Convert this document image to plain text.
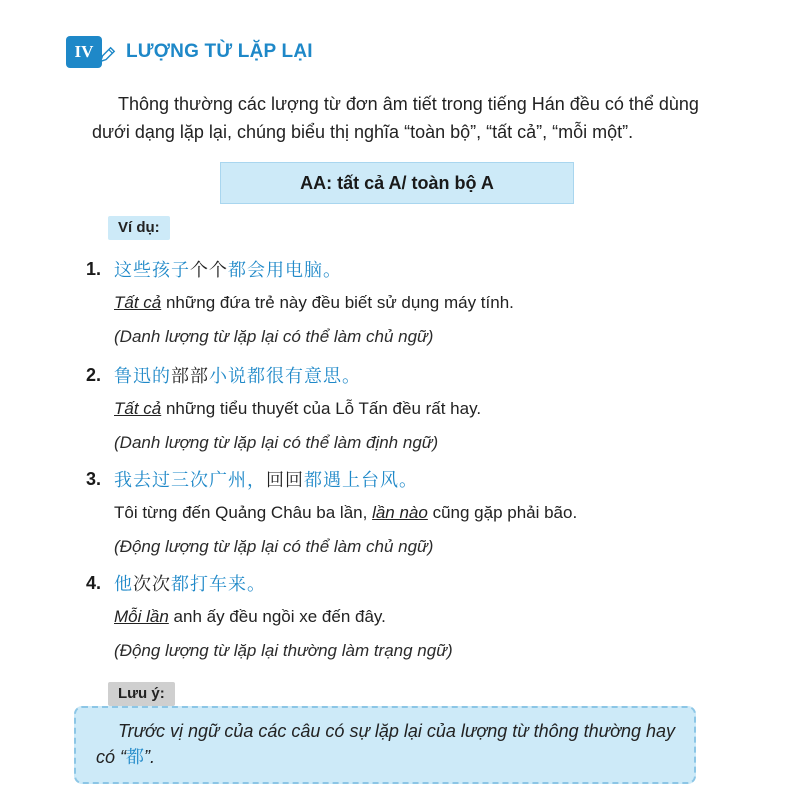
IV LƯỢNG TỪ LẶP LẠI
Thông thường các lượng từ đơn âm tiết trong tiếng Hán đều có thể dùng
dưới dạng lặp lại, chúng biểu thị nghĩa “toàn bộ”, “tất cả”, “mỗi một”.
AA: tất cả A/ toàn bộ A
Ví dụ:
1. 这些孩子个个都会用电脑。
Tất cả những đứa trẻ này đều biết sử dụng máy tính.
(Danh lượng từ lặp lại có thể làm chủ ngữ)
2. 鲁迅的部部小说都很有意思。
Tất cả những tiểu thuyết của Lỗ Tấn đều rất hay.
(Danh lượng từ lặp lại có thể làm định ngữ)
3. 我去过三次广州，回回都遇上台风。
Tôi từng đến Quảng Châu ba lần, lần nào cũng gặp phải bão.
(Động lượng từ lặp lại có thể làm chủ ngữ)
4. 他次次都打车来。
Mỗi lần anh ấy đều ngồi xe đến đây.
(Động lượng từ lặp lại thường làm trạng ngữ)
Lưu ý:
Trước vị ngữ của các câu có sự lặp lại của lượng từ thông thường hay
có “都”.
